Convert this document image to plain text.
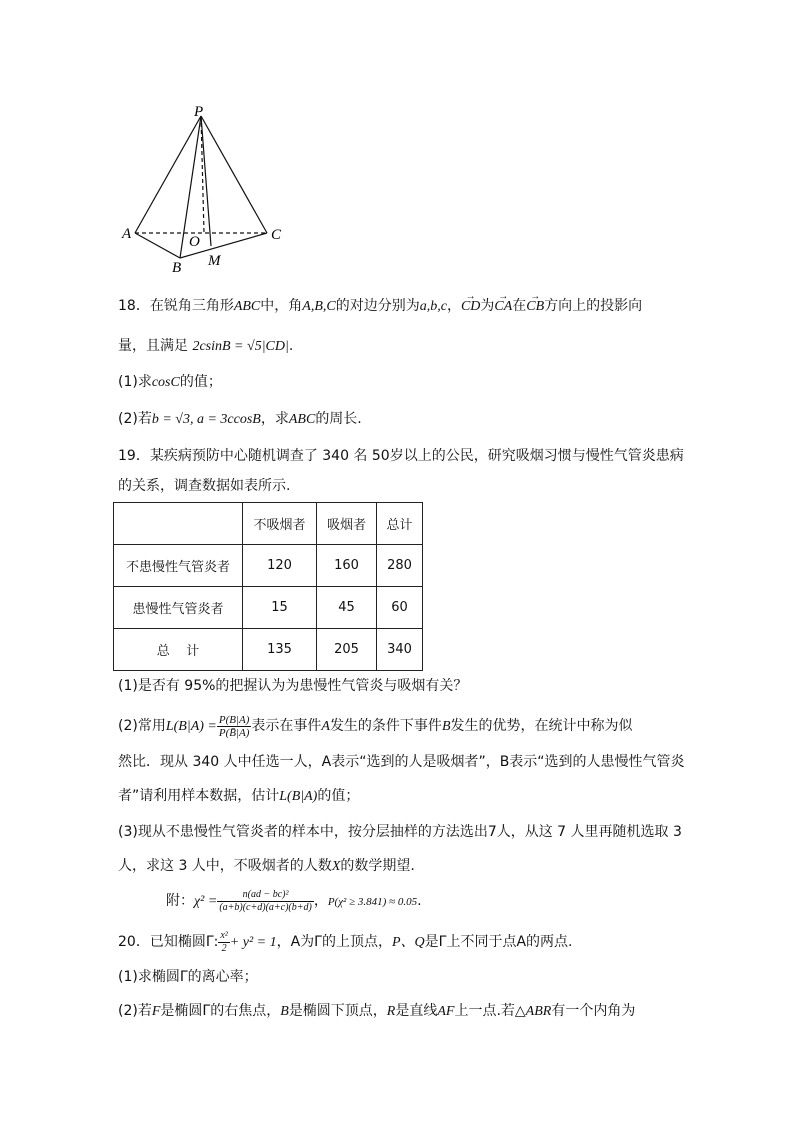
P
A	C
B
O
M
18．在锐角三角形ABC中，角A,B,C的对边分别为a,b,c，→ CD为→ CA在→ CB方向上的投影向
量，且满足 2csinB = √5|CD|.
(1)求cosC的值；
(2)若b = √3, a = 3ccosB，求ABC的周长.
19．某疾病预防中心随机调查了 340 名 50岁以上的公民，研究吸烟习惯与慢性气管炎患病
的关系，调查数据如表所示.
	不吸烟者	吸烟者	总计
不患慢性气管炎者	120	160	280
患慢性气管炎者	15	45	60
总    计	135	205	340
(1)是否有 95%的把握认为为患慢性气管炎与吸烟有关？
(2)常用$L(B|A) = \frac{P(B|A)}{P(B̄|A)}$ 表示在事件A发生的条件下事件B发生的优势，在统计中称为似
然比．现从 340 人中任选一人，A表示“选到的人是吸烟者”，B表示“选到的人患慢性气管炎
者”请利用样本数据，估计L(B|A)的值；
(3)现从不患慢性气管炎者的样本中，按分层抽样的方法选出7人，从这 7 人里再随机选取 3
人，求这 3 人中，不吸烟者的人数X的数学期望.
附：$\chi^2 = \frac{\text{n(ad − bc)²}}{(a+b)(c+d)(a+c)(b+d)}$ ，P(χ² ≥ 3.841) ≈ 0.05.
20．已知椭圆Γ: $\frac{\text{x²}}{2} + y^2 = 1$，A为Γ的上顶点，P、Q是Γ上不同于点A的两点.
(1)求椭圆Γ的离心率；
(2)若F是椭圆Γ的右焦点，B是椭圆下顶点，R是直线AF上一点.若△ABR有一个内角为
